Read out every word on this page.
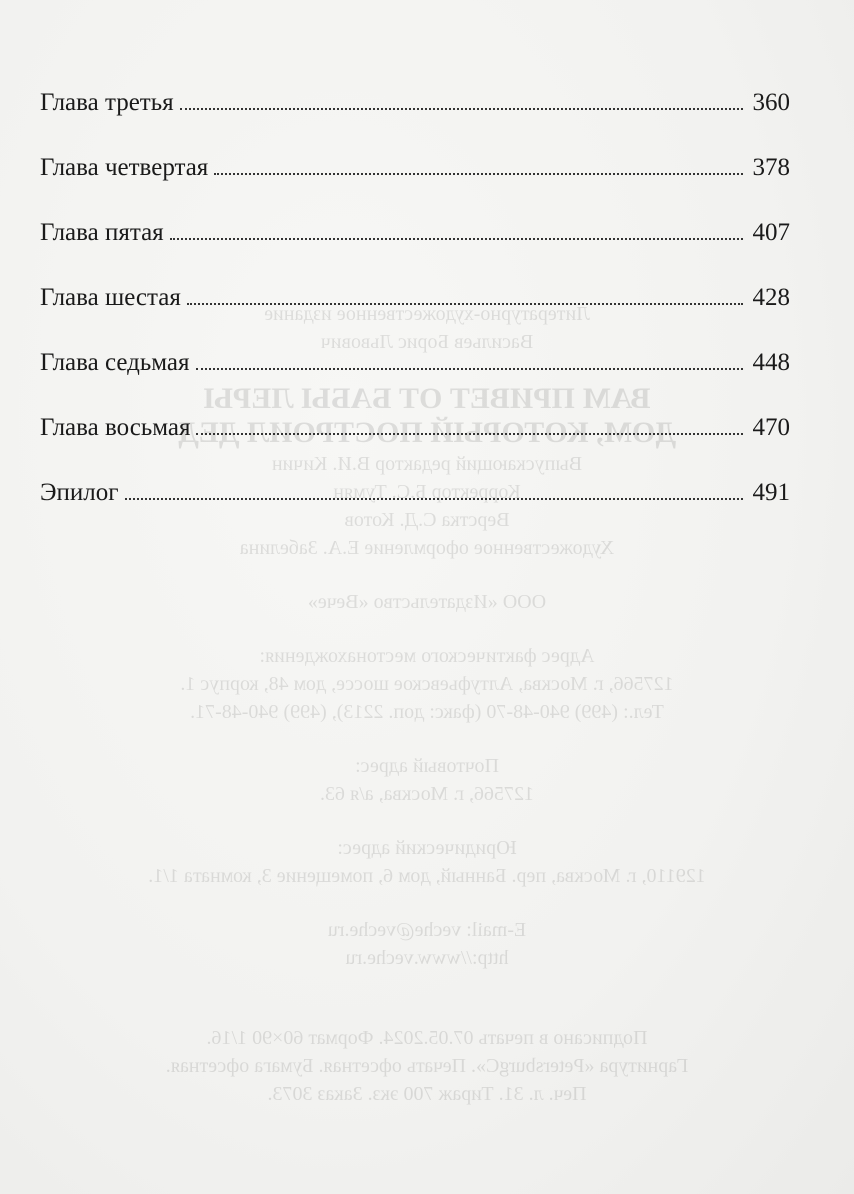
Литературно-художественное издание
Васильев Борис Львович
ВАМ ПРИВЕТ ОТ БАБЫ ЛЕРЫ
ДОМ, КОТОРЫЙ ПОСТРОИЛ ДЕД
Выпускающий редактор В.И. Кичин
Корректор Б.С. Тумян
Верстка С.Д. Котов
Художественное оформление Е.А. Забелина
ООО «Издательство «Вече»
Адрес фактического местонахождения:
127566, г. Москва, Алтуфьевское шоссе, дом 48, корпус 1.
Тел.: (499) 940-48-70 (факс: доп. 2213), (499) 940-48-71.
Почтовый адрес:
127566, г. Москва, а/я 63.
Юридический адрес:
129110, г. Москва, пер. Банный, дом 6, помещение 3, комната 1/1.
E-mail: veche@veche.ru
http://www.veche.ru
Подписано в печать 07.05.2024. Формат 60×90 1/16.
Гарнитура «PetersburgC». Печать офсетная. Бумага офсетная.
Печ. л. 31. Тираж 700 экз. Заказ 3073.
Глава третья	360
Глава четвертая	378
Глава пятая	407
Глава шестая	428
Глава седьмая	448
Глава восьмая	470
Эпилог	491
